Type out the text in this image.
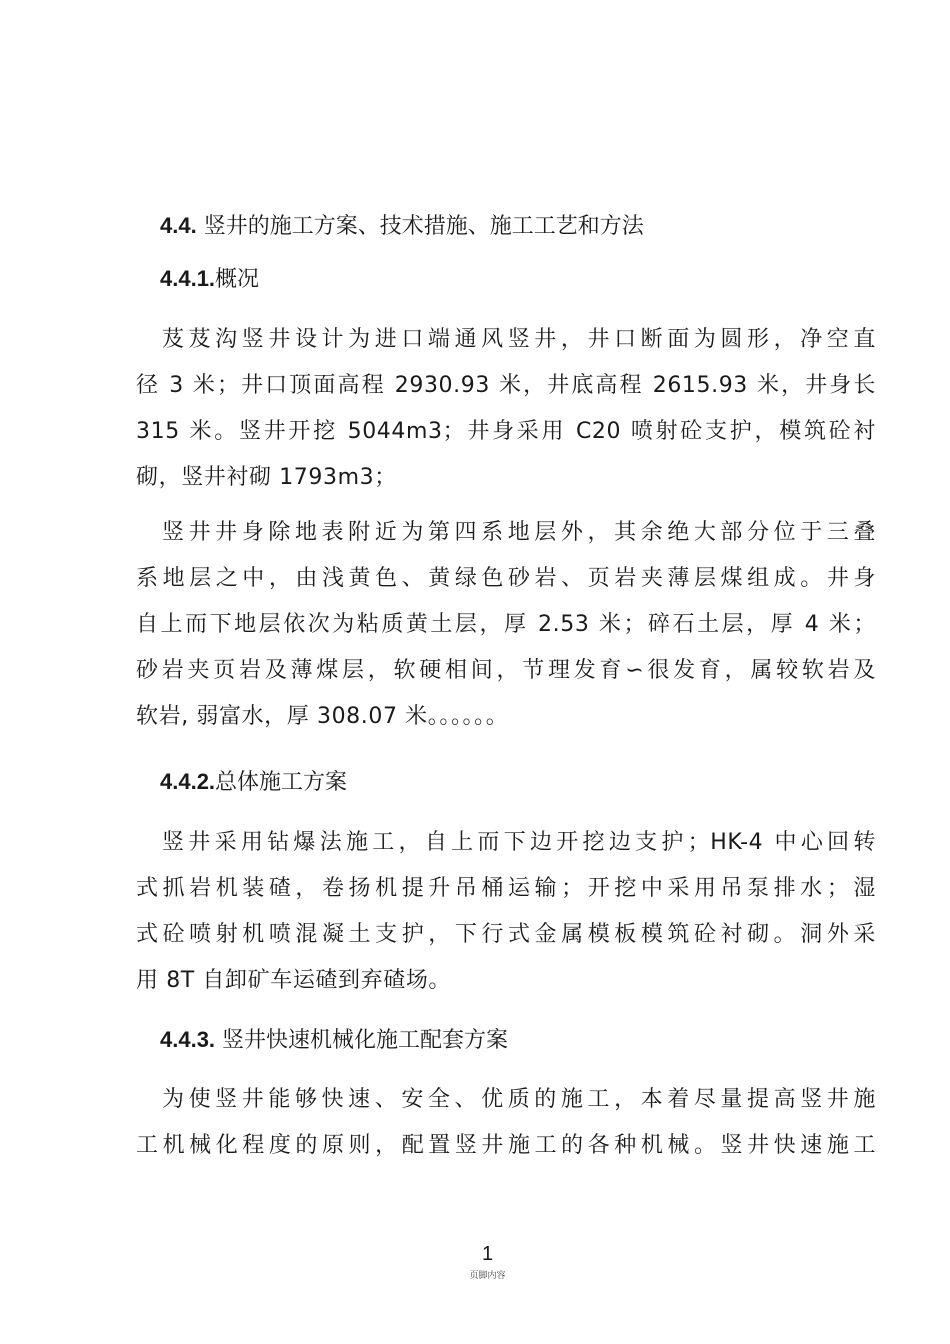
4.4. 竖井的施工方案、技术措施、施工工艺和方法
4.4.1.概况
芨芨沟竖井设计为进口端通风竖井，井口断面为圆形，净空直
径 3 米；井口顶面高程 2930.93 米，井底高程 2615.93 米，井身长
315 米。竖井开挖 5044m3；井身采用 C20 喷射砼支护，模筑砼衬
砌，竖井衬砌 1793m3；
竖井井身除地表附近为第四系地层外，其余绝大部分位于三叠
系地层之中，由浅黄色、黄绿色砂岩、页岩夹薄层煤组成。井身
自上而下地层依次为粘质黄土层，厚 2.53 米；碎石土层，厚 4 米；
砂岩夹页岩及薄煤层，软硬相间，节理发育∽很发育，属较软岩及
软岩, 弱富水，厚 308.07 米。。。。。。
4.4.2.总体施工方案
竖井采用钻爆法施工，自上而下边开挖边支护；HK-4 中心回转
式抓岩机装碴，卷扬机提升吊桶运输；开挖中采用吊泵排水；湿
式砼喷射机喷混凝土支护，下行式金属模板模筑砼衬砌。洞外采
用 8T 自卸矿车运碴到弃碴场。
4.4.3. 竖井快速机械化施工配套方案
为使竖井能够快速、安全、优质的施工，本着尽量提高竖井施
工机械化程度的原则，配置竖井施工的各种机械。竖井快速施工
1
页脚内容
